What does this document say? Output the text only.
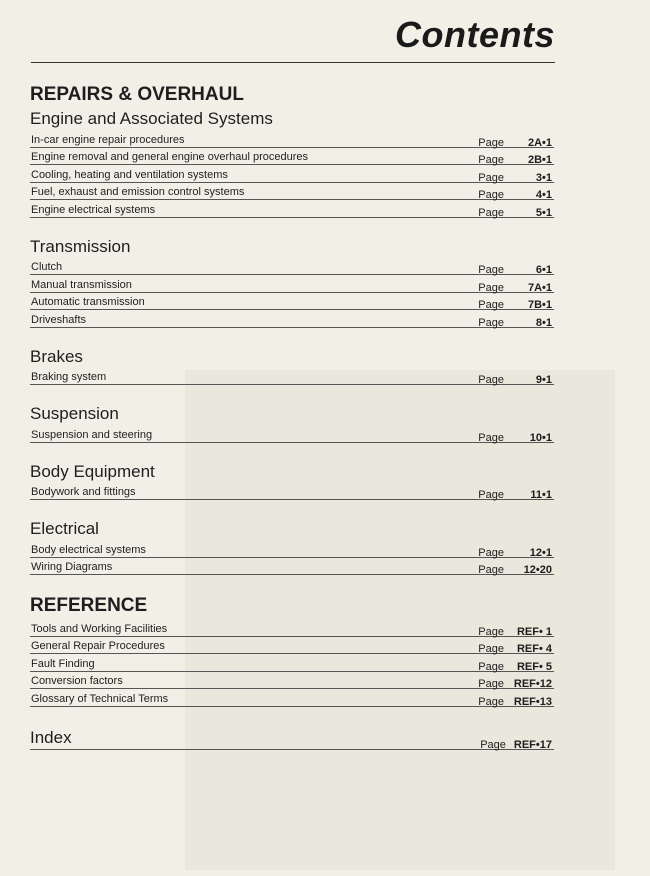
Contents
REPAIRS & OVERHAUL
Engine and Associated Systems
In-car engine repair procedures	Page	2A•1
Engine removal and general engine overhaul procedures	Page	2B•1
Cooling, heating and ventilation systems	Page	3•1
Fuel, exhaust and emission control systems	Page	4•1
Engine electrical systems	Page	5•1
Transmission
Clutch	Page	6•1
Manual transmission	Page	7A•1
Automatic transmission	Page	7B•1
Driveshafts	Page	8•1
Brakes
Braking system	Page	9•1
Suspension
Suspension and steering	Page	10•1
Body Equipment
Bodywork and fittings	Page	11•1
Electrical
Body electrical systems	Page	12•1
Wiring Diagrams	Page	12•20
REFERENCE
Tools and Working Facilities	Page	REF• 1
General Repair Procedures	Page	REF• 4
Fault Finding	Page	REF• 5
Conversion factors	Page REF•12
Glossary of Technical Terms	Page REF•13
Index	Page REF•17
